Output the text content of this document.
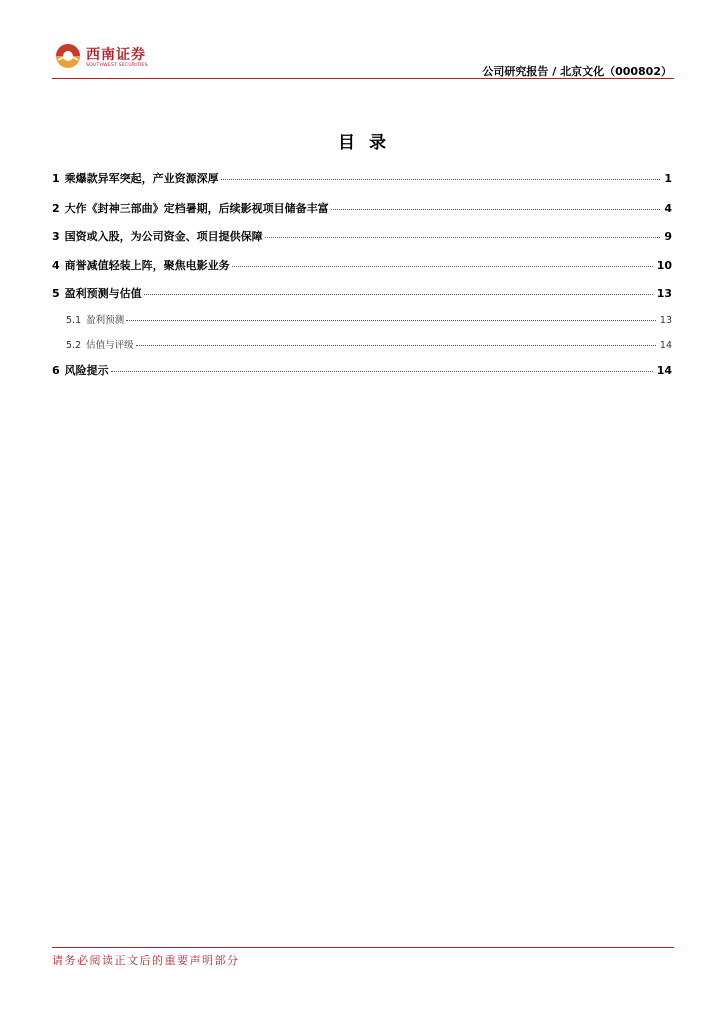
西南证券
SOUTHWEST SECURITIES	公司研究报告 / 北京文化（000802）
目录
1 乘爆款异军突起，产业资源深厚	1
2 大作《封神三部曲》定档暑期，后续影视项目储备丰富	4
3 国资或入股，为公司资金、项目提供保障	9
4 商誉减值轻装上阵，聚焦电影业务	10
5 盈利预测与估值	13
5.1 盈利预测	13
5.2 估值与评级	14
6 风险提示	14
请务必阅读正文后的重要声明部分
